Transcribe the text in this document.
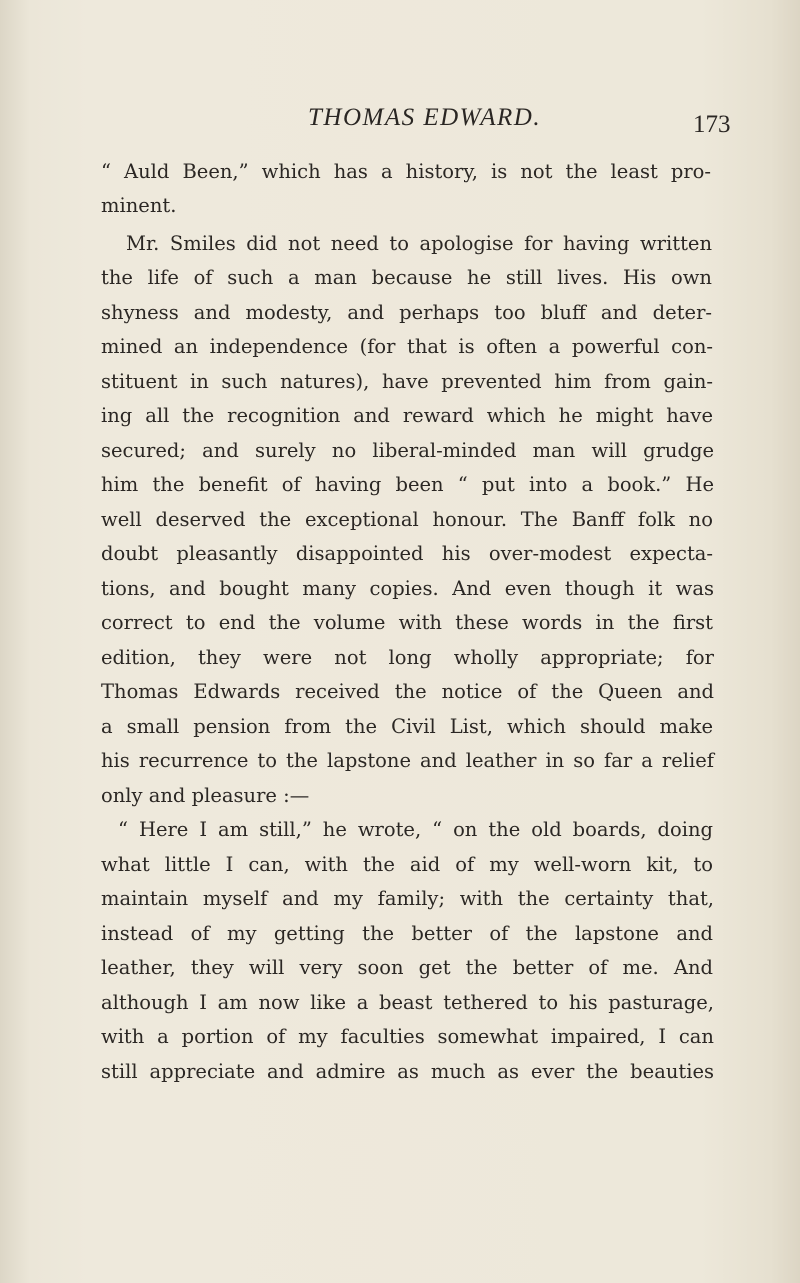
THOMAS EDWARD.	173
“ Auld Been,” which has a history, is not the least pro-
minent.
Mr. Smiles did not need to apologise for having written
the life of such a man because he still lives. His own
shyness and modesty, and perhaps too bluff and deter-
mined an independence (for that is often a powerful con-
stituent in such natures), have prevented him from gain-
ing all the recognition and reward which he might have
secured; and surely no liberal-minded man will grudge
him the benefit of having been “ put into a book.” He
well deserved the exceptional honour. The Banff folk no
doubt pleasantly disappointed his over-modest expecta-
tions, and bought many copies. And even though it was
correct to end the volume with these words in the first
edition, they were not long wholly appropriate; for
Thomas Edwards received the notice of the Queen and
a small pension from the Civil List, which should make
his recurrence to the lapstone and leather in so far a relief
only and pleasure :—
“ Here I am still,” he wrote, “ on the old boards, doing
what little I can, with the aid of my well-worn kit, to
maintain myself and my family; with the certainty that,
instead of my getting the better of the lapstone and
leather, they will very soon get the better of me. And
although I am now like a beast tethered to his pasturage,
with a portion of my faculties somewhat impaired, I can
still appreciate and admire as much as ever the beauties
